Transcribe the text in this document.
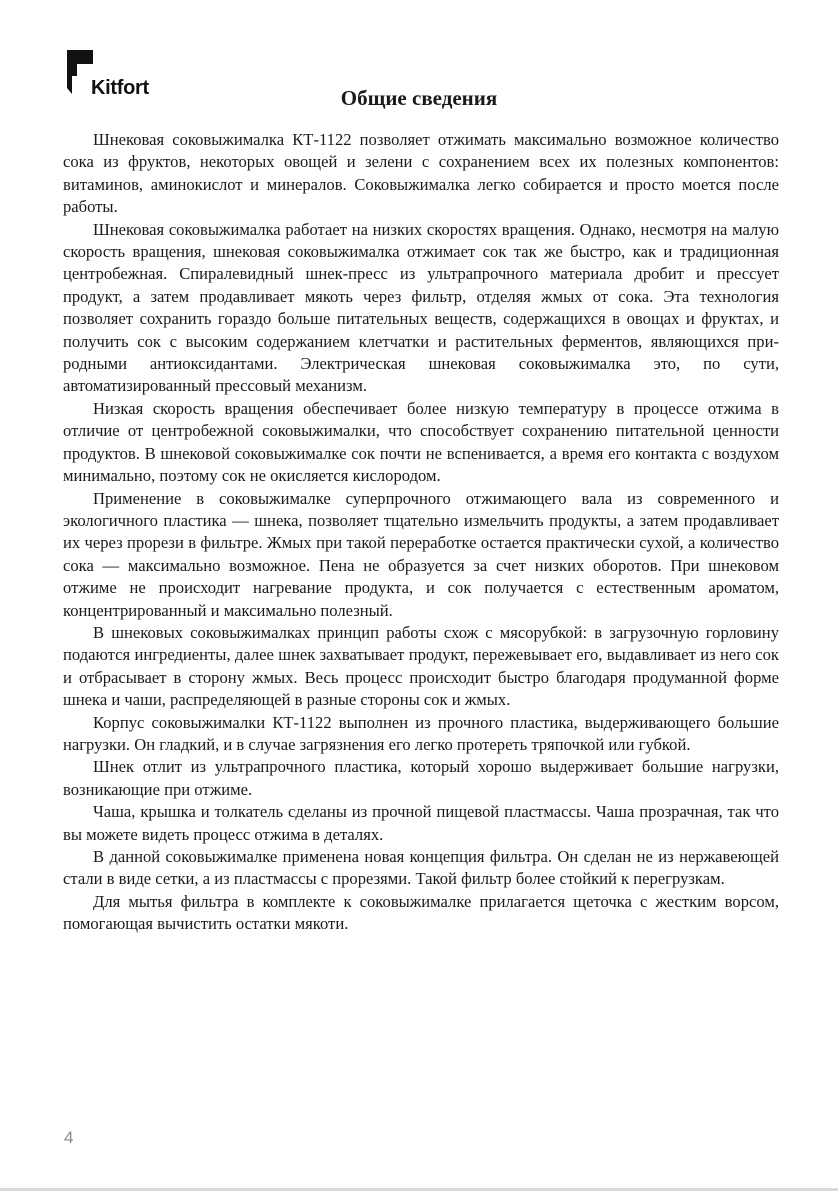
Kitfort	Общие сведения

Шнековая соковыжималка КТ-1122 позволяет отжимать максимально возможное количество сока из фруктов, некоторых овощей и зелени с сохранением всех их полезных компонентов: витаминов, аминокислот и минералов. Соковыжималка легко собирается и просто моется после работы.

Шнековая соковыжималка работает на низких скоростях вращения. Однако, несмотря на малую скорость вращения, шнековая соковыжималка отжимает сок так же быстро, как и традиционная центробежная. Спиралевидный шнек-пресс из ультрапрочного материала дробит и прессует продукт, а затем продавливает мякоть через фильтр, отделяя жмых от сока. Эта технология позволяет сохранить гораздо больше питательных веществ, содержащихся в овощах и фруктах, и получить сок с высоким содержанием клетчатки и растительных ферментов, являющихся природными антиоксидантами. Электрическая шнековая соковыжималка это, по сути, автоматизированный прессовый механизм.

Низкая скорость вращения обеспечивает более низкую температуру в процессе отжима в отличие от центробежной соковыжималки, что способствует сохранению питательной ценности продуктов. В шнековой соковыжималке сок почти не вспенивается, а время его контакта с воздухом минимально, поэтому сок не окисляется кислородом.

Применение в соковыжималке суперпрочного отжимающего вала из современного и экологичного пластика — шнека, позволяет тщательно измельчить продукты, а затем продавливает их через прорези в фильтре. Жмых при такой переработке остается практически сухой, а количество сока — максимально возможное. Пена не образуется за счет низких оборотов. При шнековом отжиме не происходит нагревание продукта, и сок получается с естественным ароматом, концентрированный и максимально полезный.

В шнековых соковыжималках принцип работы схож с мясорубкой: в загрузочную горловину подаются ингредиенты, далее шнек захватывает продукт, пережевывает его, выдавливает из него сок и отбрасывает в сторону жмых. Весь процесс происходит быстро благодаря продуманной форме шнека и чаши, распределяющей в разные стороны сок и жмых.

Корпус соковыжималки КТ-1122 выполнен из прочного пластика, выдерживающего большие нагрузки. Он гладкий, и в случае загрязнения его легко протереть тряпочкой или губкой.

Шнек отлит из ультрапрочного пластика, который хорошо выдерживает большие нагрузки, возникающие при отжиме.

Чаша, крышка и толкатель сделаны из прочной пищевой пластмассы. Чаша прозрачная, так что вы можете видеть процесс отжима в деталях.

В данной соковыжималке применена новая концепция фильтра. Он сделан не из нержавеющей стали в виде сетки, а из пластмассы с прорезями. Такой фильтр более стойкий к перегрузкам.

Для мытья фильтра в комплекте к соковыжималке прилагается щеточка с жестким ворсом, помогающая вычистить остатки мякоти.

4
